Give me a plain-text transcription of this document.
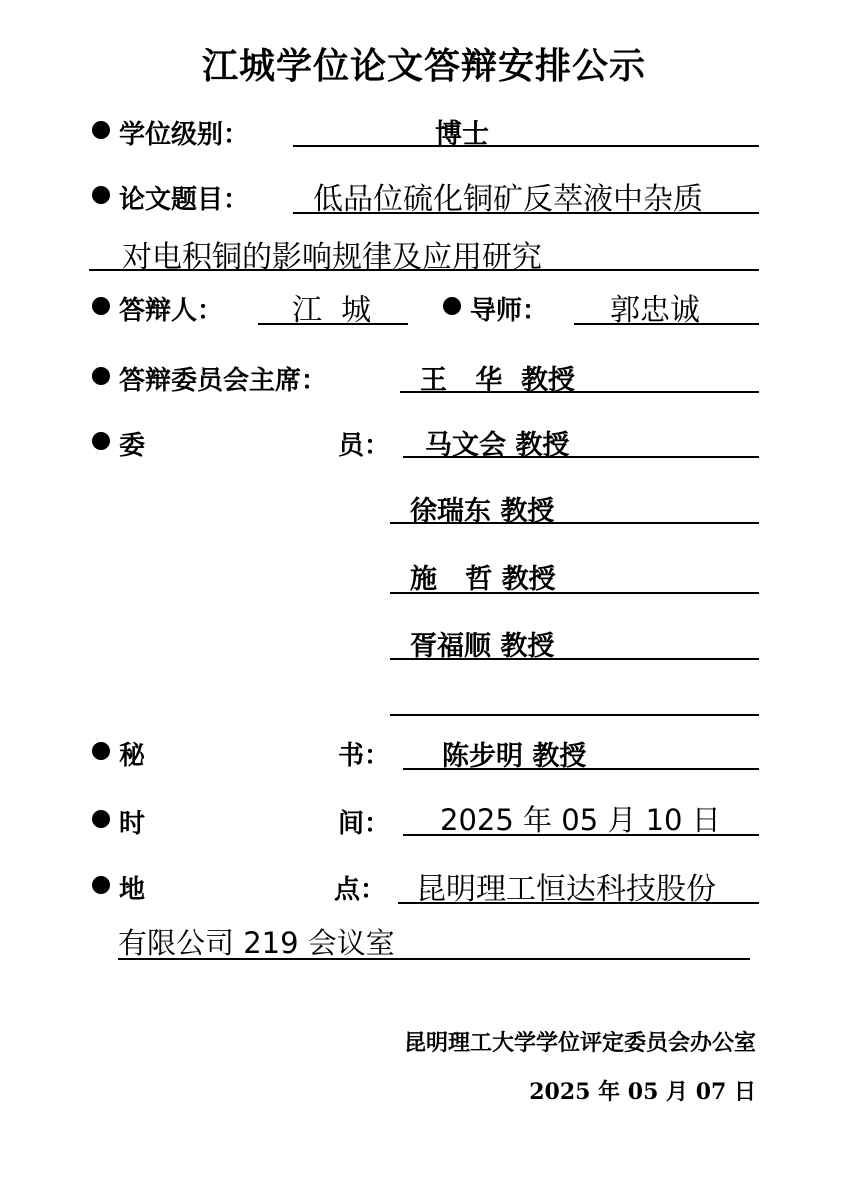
江城学位论文答辩安排公示
学位级别：	博士
论文题目： 低品位硫化铜矿反萃液中杂质
对电积铜的影响规律及应用研究
答辩人： 江  城	导师： 郭忠诚
答辩委员会主席：	王   华  教授
委	员： 马文会 教授
徐瑞东 教授
施   哲 教授
胥福顺 教授
秘	书： 陈步明 教授
时	间： 2025 年 05 月 10 日
地	点： 昆明理工恒达科技股份
有限公司 219 会议室
昆明理工大学学位评定委员会办公室
2025 年 05 月 07 日
